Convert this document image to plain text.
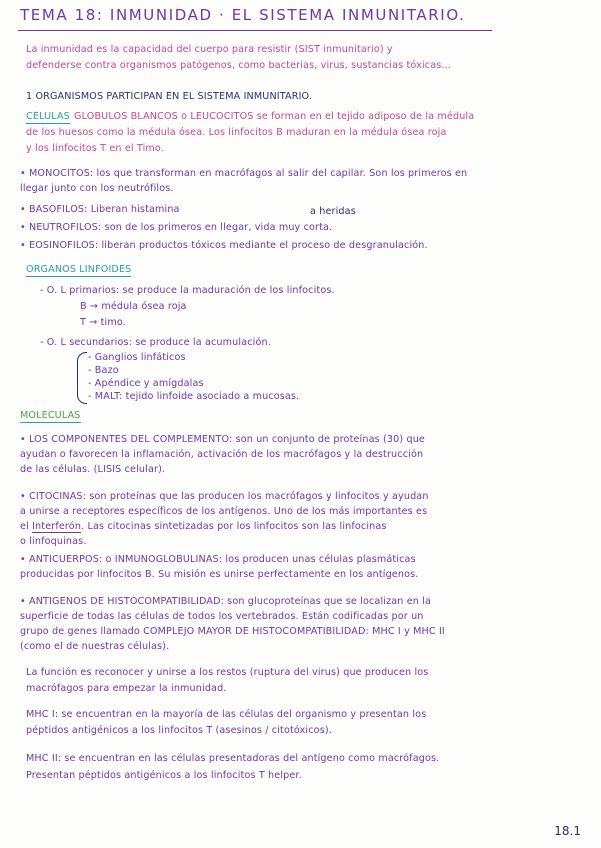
TEMA 18: INMUNIDAD · EL SISTEMA INMUNITARIO.
La inmunidad es la capacidad del cuerpo para resistir (SIST inmunitario) y
defenderse contra organismos patógenos, como bacterias, virus, sustancias tóxicas...
1 ORGANISMOS PARTICIPAN EN EL SISTEMA INMUNITARIO.
CÉLULAS GLÓBULOS BLANCOS o LEUCOCITOS se forman en el tejido adiposo de la médula
de los huesos como la médula ósea. Los linfocitos B maduran en la médula ósea roja
y los linfocitos T en el Timo.
• MONOCITOS: los que transforman en macrófagos al salir del capilar. Son los primeros en
llegar junto con los neutrófilos.
• BASÓFILOS: Liberan histamina	a heridas
• NEUTRÓFILOS: son de los primeros en llegar, vida muy corta.
• EOSINÓFILOS: liberan productos tóxicos mediante el proceso de desgranulación.
ÓRGANOS LINFOIDES
- O. L primarios: se produce la maduración de los linfocitos.
B → médula ósea roja
T → timo.
- O. L secundarios: se produce la acumulación.
- Ganglios linfáticos
- Bazo
- Apéndice y amígdalas
- MALT: tejido linfoide asociado a mucosas.
MOLÉCULAS
• LOS COMPONENTES DEL COMPLEMENTO: son un conjunto de proteínas (30) que
ayudan o favorecen la inflamación, activación de los macrófagos y la destrucción
de las células. (LISIS celular).
• CITOCINAS: son proteínas que las producen los macrófagos y linfocitos y ayudan
a unirse a receptores específicos de los antígenos. Uno de los más importantes es
el Interferón. Las citocinas sintetizadas por los linfocitos son las linfocinas
o linfoquinas.
• ANTICUERPOS: o INMUNOGLOBULINAS: los producen unas células plasmáticas
producidas por linfocitos B. Su misión es unirse perfectamente en los antígenos.
• ANTÍGENOS DE HISTOCOMPATIBILIDAD: son glucoproteínas que se localizan en la
superficie de todas las células de todos los vertebrados. Están codificadas por un
grupo de genes llamado COMPLEJO MAYOR DE HISTOCOMPATIBILIDAD: MHC I y MHC II
(como el de nuestras células).
La función es reconocer y unirse a los restos (ruptura del virus) que producen los
macrófagos para empezar la inmunidad.
MHC I: se encuentran en la mayoría de las células del organismo y presentan los
péptidos antigénicos a los linfocitos T (asesinos / citotóxicos).
MHC II: se encuentran en las células presentadoras del antígeno como macrófagos.
Presentan péptidos antigénicos a los linfocitos T helper.
18.1
